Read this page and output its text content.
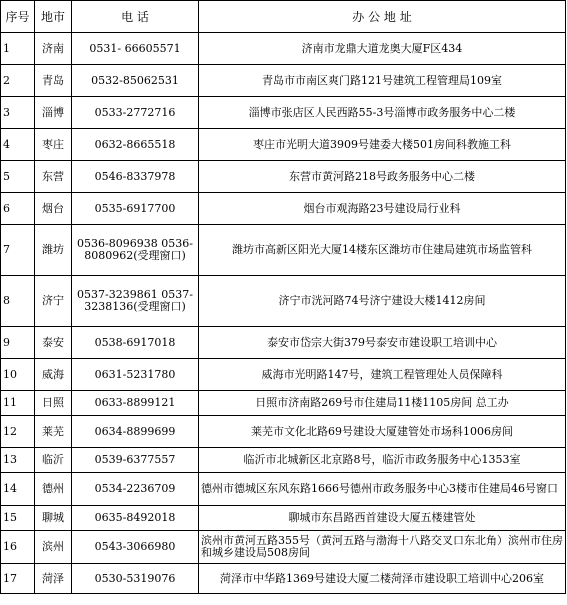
序号	地市	电 话	办 公 地 址
1	济南	0531- 66605571	济南市龙鼎大道龙奥大厦F区434
2	青岛	0532-85062531	青岛市市南区爽门路121号建筑工程管理局109室
3	淄博	0533-2772716	淄博市张店区人民西路55-3号淄博市政务服务中心二楼
4	枣庄	0632-8665518	枣庄市光明大道3909号建委大楼501房间科教施工科
5	东营	0546-8337978	东营市黄河路218号政务服务中心二楼
6	烟台	0535-6917700	烟台市观海路23号建设局行业科
7	潍坊	0536-8096938 0536-8080962(受理窗口)	潍坊市高新区阳光大厦14楼东区潍坊市住建局建筑市场监管科
8	济宁	0537-3239861 0537-3238136(受理窗口)	济宁市洸河路74号济宁建设大楼1412房间
9	泰安	0538-6917018	泰安市岱宗大街379号泰安市建设职工培训中心
10	威海	0631-5231780	威海市光明路147号，建筑工程管理处人员保障科
11	日照	0633-8899121	日照市济南路269号市住建局11楼1105房间 总工办
12	莱芜	0634-8899699	莱芜市文化北路69号建设大厦建管处市场科1006房间
13	临沂	0539-6377557	临沂市北城新区北京路8号，临沂市政务服务中心1353室
14	德州	0534-2236709	德州市德城区东风东路1666号德州市政务服务中心3楼市住建局46号窗口
15	聊城	0635-8492018	聊城市东昌路西首建设大厦五楼建管处
16	滨州	0543-3066980	滨州市黄河五路355号（黄河五路与渤海十八路交叉口东北角）滨州市住房和城乡建设局508房间
17	菏泽	0530-5319076	菏泽市中华路1369号建设大厦二楼菏泽市建设职工培训中心206室
